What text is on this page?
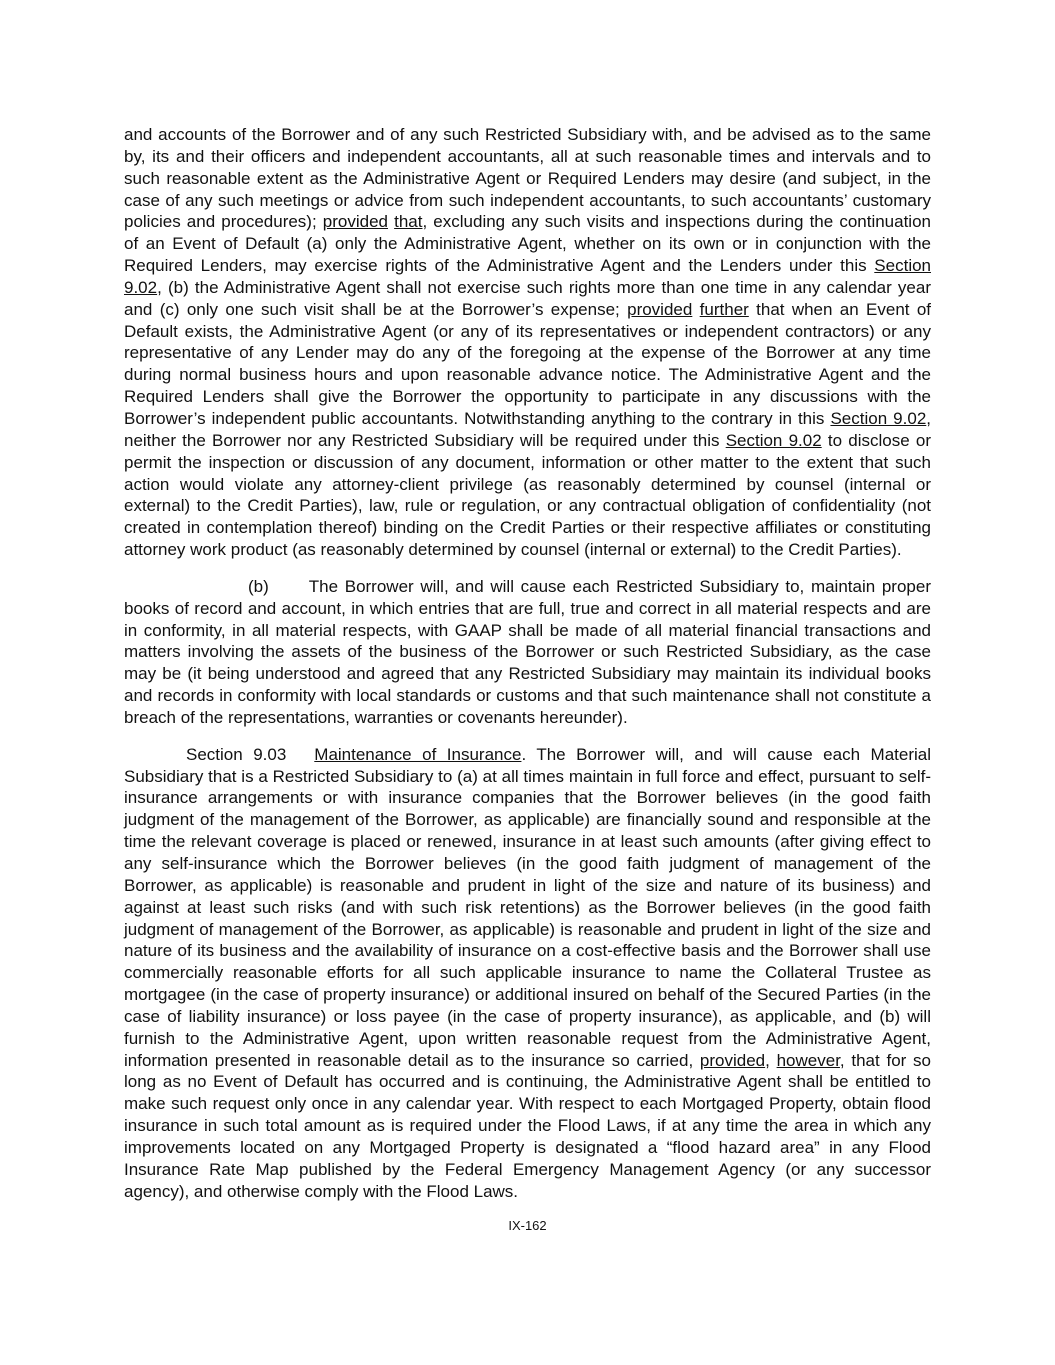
and accounts of the Borrower and of any such Restricted Subsidiary with, and be advised as to the same by, its and their officers and independent accountants, all at such reasonable times and intervals and to such reasonable extent as the Administrative Agent or Required Lenders may desire (and subject, in the case of any such meetings or advice from such independent accountants, to such accountants’ customary policies and procedures); provided that, excluding any such visits and inspections during the continuation of an Event of Default (a) only the Administrative Agent, whether on its own or in conjunction with the Required Lenders, may exercise rights of the Administrative Agent and the Lenders under this Section 9.02, (b) the Administrative Agent shall not exercise such rights more than one time in any calendar year and (c) only one such visit shall be at the Borrower’s expense; provided further that when an Event of Default exists, the Administrative Agent (or any of its representatives or independent contractors) or any representative of any Lender may do any of the foregoing at the expense of the Borrower at any time during normal business hours and upon reasonable advance notice. The Administrative Agent and the Required Lenders shall give the Borrower the opportunity to participate in any discussions with the Borrower’s independent public accountants. Notwithstanding anything to the contrary in this Section 9.02, neither the Borrower nor any Restricted Subsidiary will be required under this Section 9.02 to disclose or permit the inspection or discussion of any document, information or other matter to the extent that such action would violate any attorney-client privilege (as reasonably determined by counsel (internal or external) to the Credit Parties), law, rule or regulation, or any contractual obligation of confidentiality (not created in contemplation thereof) binding on the Credit Parties or their respective affiliates or constituting attorney work product (as reasonably determined by counsel (internal or external) to the Credit Parties).

(b) The Borrower will, and will cause each Restricted Subsidiary to, maintain proper books of record and account, in which entries that are full, true and correct in all material respects and are in conformity, in all material respects, with GAAP shall be made of all material financial transactions and matters involving the assets of the business of the Borrower or such Restricted Subsidiary, as the case may be (it being understood and agreed that any Restricted Subsidiary may maintain its individual books and records in conformity with local standards or customs and that such maintenance shall not constitute a breach of the representations, warranties or covenants hereunder).

Section 9.03 Maintenance of Insurance. The Borrower will, and will cause each Material Subsidiary that is a Restricted Subsidiary to (a) at all times maintain in full force and effect, pursuant to self-insurance arrangements or with insurance companies that the Borrower believes (in the good faith judgment of the management of the Borrower, as applicable) are financially sound and responsible at the time the relevant coverage is placed or renewed, insurance in at least such amounts (after giving effect to any self-insurance which the Borrower believes (in the good faith judgment of management of the Borrower, as applicable) is reasonable and prudent in light of the size and nature of its business) and against at least such risks (and with such risk retentions) as the Borrower believes (in the good faith judgment of management of the Borrower, as applicable) is reasonable and prudent in light of the size and nature of its business and the availability of insurance on a cost-effective basis and the Borrower shall use commercially reasonable efforts for all such applicable insurance to name the Collateral Trustee as mortgagee (in the case of property insurance) or additional insured on behalf of the Secured Parties (in the case of liability insurance) or loss payee (in the case of property insurance), as applicable, and (b) will furnish to the Administrative Agent, upon written reasonable request from the Administrative Agent, information presented in reasonable detail as to the insurance so carried, provided, however, that for so long as no Event of Default has occurred and is continuing, the Administrative Agent shall be entitled to make such request only once in any calendar year. With respect to each Mortgaged Property, obtain flood insurance in such total amount as is required under the Flood Laws, if at any time the area in which any improvements located on any Mortgaged Property is designated a “flood hazard area” in any Flood Insurance Rate Map published by the Federal Emergency Management Agency (or any successor agency), and otherwise comply with the Flood Laws.

IX-162
